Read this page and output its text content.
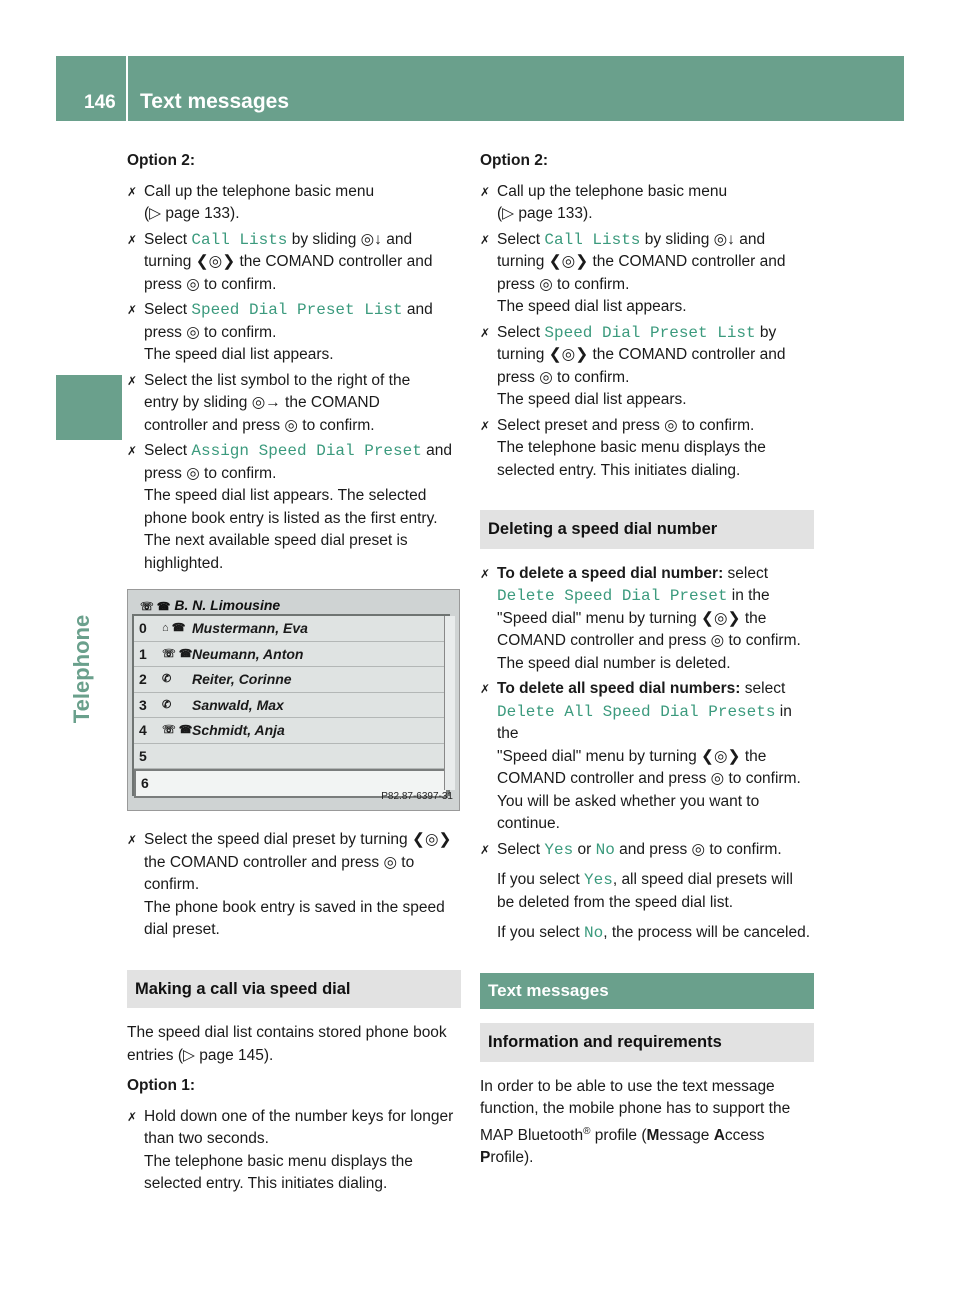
146 Text messages
Telephone
Option 2:
✗ Call up the telephone basic menu
(▷ page 133).
✗ Select Call Lists by sliding ◎↓ and
turning ❮◎❯ the COMAND controller and
press ◎ to confirm.
✗ Select Speed Dial Preset List and
press ◎ to confirm.
The speed dial list appears.
✗ Select the list symbol to the right of the
entry by sliding ◎→ the COMAND
controller and press ◎ to confirm.
✗ Select Assign Speed Dial Preset and
press ◎ to confirm.
The speed dial list appears. The selected phone book entry is listed as the first entry. The next available speed dial preset is highlighted.
☏ ☎ B. N. Limousine
0 ⌂ ☎ Mustermann, Eva
1 ☏ ☎ Neumann, Anton
2 ✆ Reiter, Corinne
3 ✆ Sanwald, Max
4 ☏ ☎ Schmidt, Anja
5
6
P82.87-6397-31
✗ Select the speed dial preset by turning ❮◎❯ the COMAND controller and press ◎ to confirm.
The phone book entry is saved in the speed dial preset.
Making a call via speed dial

The speed dial list contains stored phone book entries (▷ page 145).

Option 1:
✗ Hold down one of the number keys for longer than two seconds.
The telephone basic menu displays the selected entry. This initiates dialing.
Option 2:
✗ Call up the telephone basic menu
(▷ page 133).
✗ Select Call Lists by sliding ◎↓ and
turning ❮◎❯ the COMAND controller and
press ◎ to confirm.
The speed dial list appears.
✗ Select Speed Dial Preset List by
turning ❮◎❯ the COMAND controller and
press ◎ to confirm.
The speed dial list appears.
✗ Select preset and press ◎ to confirm.
The telephone basic menu displays the selected entry. This initiates dialing.
Deleting a speed dial number
✗ To delete a speed dial number: select
Delete Speed Dial Preset in the
"Speed dial" menu by turning ❮◎❯ the COMAND controller and press ◎ to confirm.
The speed dial number is deleted.
✗ To delete all speed dial numbers: select
Delete All Speed Dial Presets in the
"Speed dial" menu by turning ❮◎❯ the COMAND controller and press ◎ to confirm.
You will be asked whether you want to continue.
✗ Select Yes or No and press ◎ to confirm.
If you select Yes, all speed dial presets will be deleted from the speed dial list.
If you select No, the process will be canceled.
Text messages
Information and requirements

In order to be able to use the text message function, the mobile phone has to support the MAP Bluetooth® profile (Message Access Profile).
